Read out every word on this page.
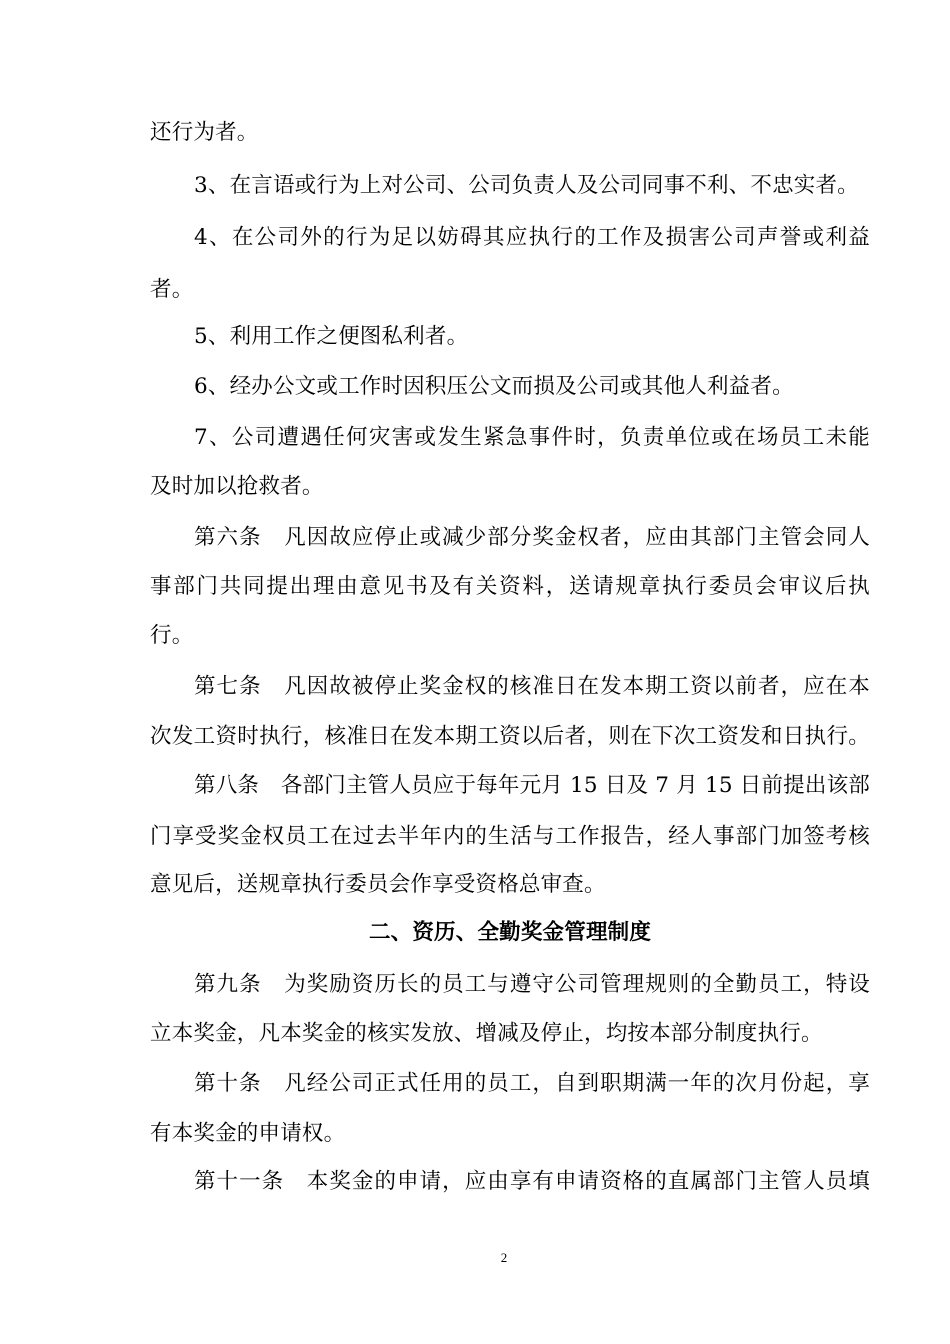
还行为者。
3、在言语或行为上对公司、公司负责人及公司同事不利、不忠实者。
4、在公司外的行为足以妨碍其应执行的工作及损害公司声誉或利益
者。
5、利用工作之便图私利者。
6、经办公文或工作时因积压公文而损及公司或其他人利益者。
7、公司遭遇任何灾害或发生紧急事件时，负责单位或在场员工未能
及时加以抢救者。
第六条　凡因故应停止或减少部分奖金权者，应由其部门主管会同人
事部门共同提出理由意见书及有关资料，送请规章执行委员会审议后执
行。
第七条　凡因故被停止奖金权的核准日在发本期工资以前者，应在本
次发工资时执行，核准日在发本期工资以后者，则在下次工资发和日执行。
第八条　各部门主管人员应于每年元月 15 日及 7 月 15 日前提出该部
门享受奖金权员工在过去半年内的生活与工作报告，经人事部门加签考核
意见后，送规章执行委员会作享受资格总审查。
二、资历、全勤奖金管理制度
第九条　为奖励资历长的员工与遵守公司管理规则的全勤员工，特设
立本奖金，凡本奖金的核实发放、增减及停止，均按本部分制度执行。
第十条　凡经公司正式任用的员工，自到职期满一年的次月份起，享
有本奖金的申请权。
第十一条　本奖金的申请，应由享有申请资格的直属部门主管人员填
2
